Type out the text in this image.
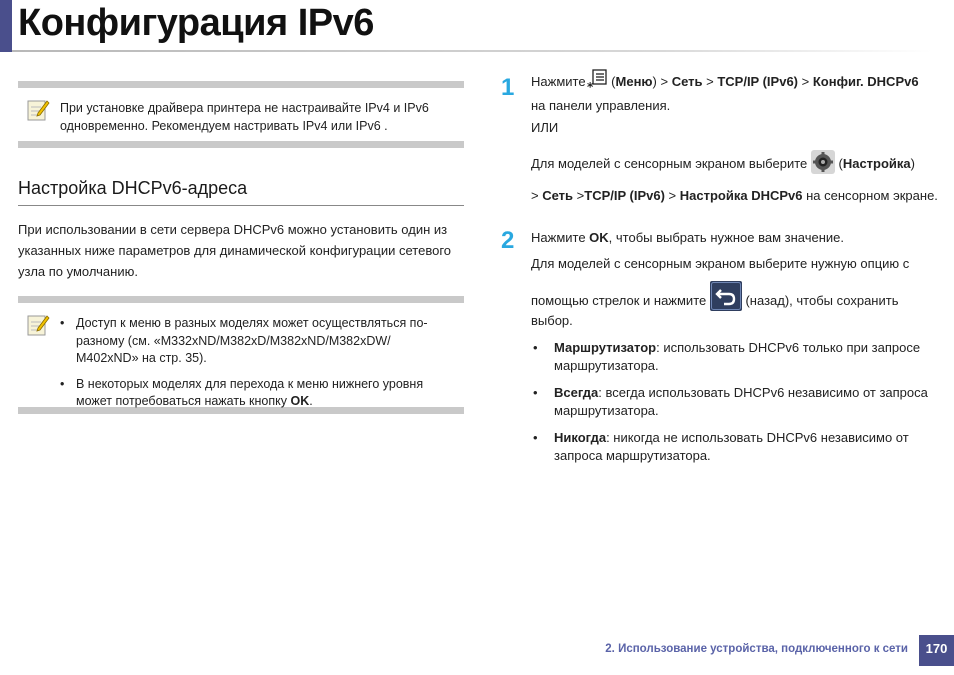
Конфигурация IPv6
При установке драйвера принтера не настраивайте IPv4 и IPv6 одновременно. Рекомендуем настривать IPv4 или IPv6 .
Настройка DHCPv6-адреса

При использовании в сети сервера DHCPv6 можно установить один из указанных ниже параметров для динамической конфигурации сетевого узла по умолчанию.

• Доступ к меню в разных моделях может осуществляться по-разному (см. «M332xND/M382xD/M382xND/M382xDW/ M402xND» на стр. 35).
• В некоторых моделях для перехода к меню нижнего уровня может потребоваться нажать кнопку OK.
1 Нажмите * (Меню) > Сеть > TCP/IP (IPv6) > Конфиг. DHCPv6
на панели управления.
ИЛИ
Для моделей с сенсорным экраном выберите  (Настройка)
> Сеть >TCP/IP (IPv6) > Настройка DHCPv6 на сенсорном экране.
2 Нажмите OK, чтобы выбрать нужное вам значение.
Для моделей с сенсорным экраном выберите нужную опцию с
помощью стрелок и нажмите	(назад), чтобы сохранить
выбор.
• Маршрутизатор: использовать DHCPv6 только при запросе маршрутизатора.
• Всегда: всегда использовать DHCPv6 независимо от запроса маршрутизатора.
• Никогда: никогда не использовать DHCPv6 независимо от запроса маршрутизатора.
2. Использование устройства, подключенного к сети	170
